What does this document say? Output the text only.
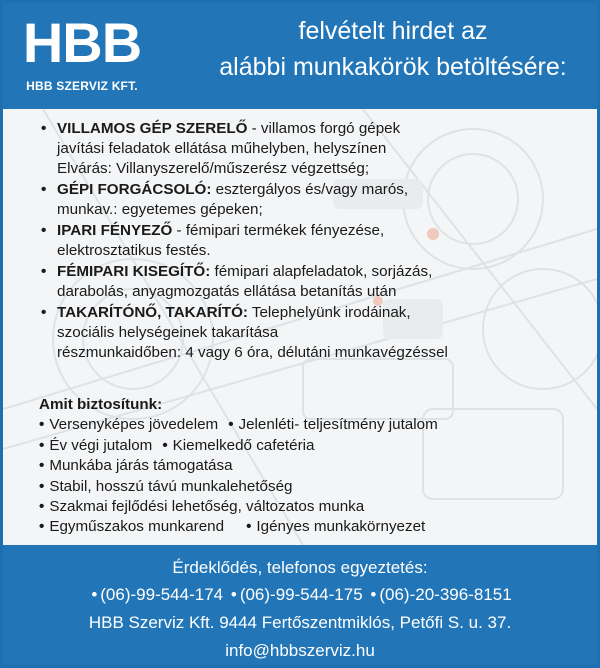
HBB
HBB SZERVIZ KFT.
felvételt hirdet az
alábbi munkakörök betöltésére:
• VILLAMOS GÉP SZERELŐ - villamos forgó gépek
javítási feladatok ellátása műhelyben, helyszínen
Elvárás: Villanyszerelő/műszerész végzettség;
• GÉPI FORGÁCSOLÓ: esztergályos és/vagy marós,
munkav.: egyetemes gépeken;
• IPARI FÉNYEZŐ - fémipari termékek fényezése,
elektrosztatikus festés.
• FÉMIPARI KISEGÍTŐ: fémipari alapfeladatok, sorjázás,
darabolás, anyagmozgatás ellátása betanítás után
• TAKARÍTÓNŐ, TAKARÍTÓ: Telephelyünk irodáinak,
szociális helységeinek takarítása
részmunkaidőben: 4 vagy 6 óra, délutáni munkavégzéssel
Amit biztosítunk:
• Versenyképes jövedelem • Jelenléti- teljesítmény jutalom
• Év végi jutalom • Kiemelkedő cafetéria
• Munkába járás támogatása
• Stabil, hosszú távú munkalehetőség
• Szakmai fejlődési lehetőség, változatos munka
• Egyműszakos munkarend • Igényes munkakörnyezet
Érdeklődés, telefonos egyeztetés:
• (06)-99-544-174 • (06)-99-544-175 • (06)-20-396-8151
HBB Szerviz Kft. 9444 Fertőszentmiklós, Petőfi S. u. 37.
info@hbbszerviz.hu
